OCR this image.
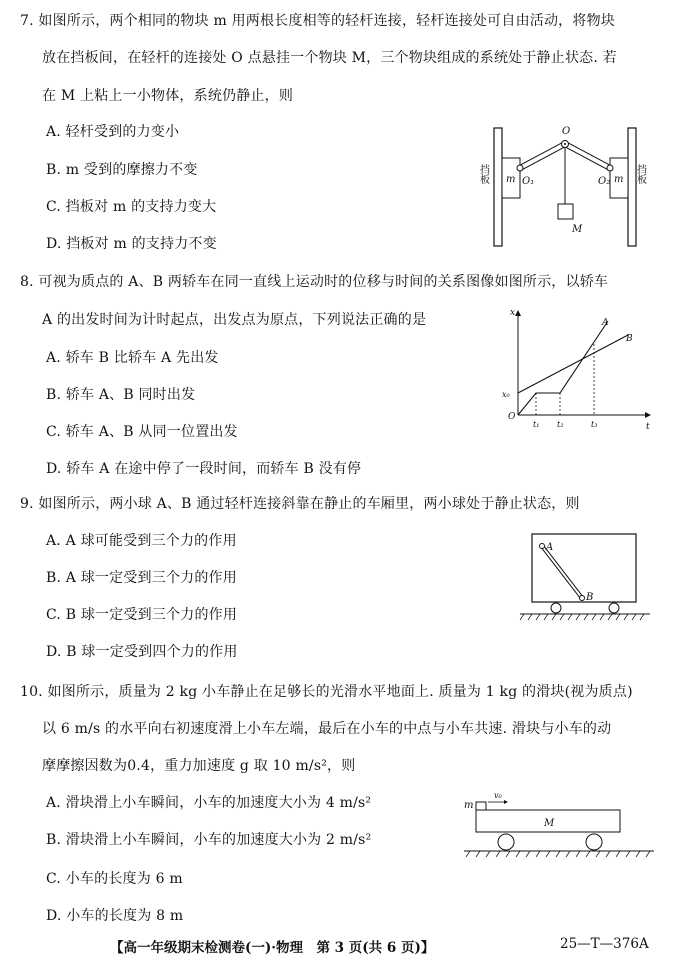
7. 如图所示，两个相同的物块 m 用两根长度相等的轻杆连接，轻杆连接处可自由活动，将物块
放在挡板间，在轻杆的连接处 O 点悬挂一个物块 M，三个物块组成的系统处于静止状态. 若
在 M 上粘上一小物体，系统仍静止，则
A. 轻杆受到的力变小
B. m 受到的摩擦力不变
C. 挡板对 m 的支持力变大
D. 挡板对 m 的支持力不变
挡板	挡板
m	m
O₁	O₂
O
M
8. 可视为质点的 A、B 两轿车在同一直线上运动时的位移与时间的关系图像如图所示，以轿车
A 的出发时间为计时起点，出发点为原点，下列说法正确的是
A. 轿车 B 比轿车 A 先出发
B. 轿车 A、B 同时出发
C. 轿车 A、B 从同一位置出发
D. 轿车 A 在途中停了一段时间，而轿车 B 没有停
x
t
O
x₀
B
A
t₁ t₂	t₃
9. 如图所示，两小球 A、B 通过轻杆连接斜靠在静止的车厢里，两小球处于静止状态，则
A. A 球可能受到三个力的作用
B. A 球一定受到三个力的作用
C. B 球一定受到三个力的作用
D. B 球一定受到四个力的作用
A
B
10. 如图所示，质量为 2 kg 小车静止在足够长的光滑水平地面上. 质量为 1 kg 的滑块(视为质点)
以 6 m/s 的水平向右初速度滑上小车左端，最后在小车的中点与小车共速. 滑块与小车的动
摩摩擦因数为0.4，重力加速度 g 取 10 m/s²，则
A. 滑块滑上小车瞬间，小车的加速度大小为 4 m/s²
B. 滑块滑上小车瞬间，小车的加速度大小为 2 m/s²
C. 小车的长度为 6 m
D. 小车的长度为 8 m
m
v₀
M
【高一年级期末检测卷(一)·物理　第 3 页(共 6 页)】	25—T—376A
